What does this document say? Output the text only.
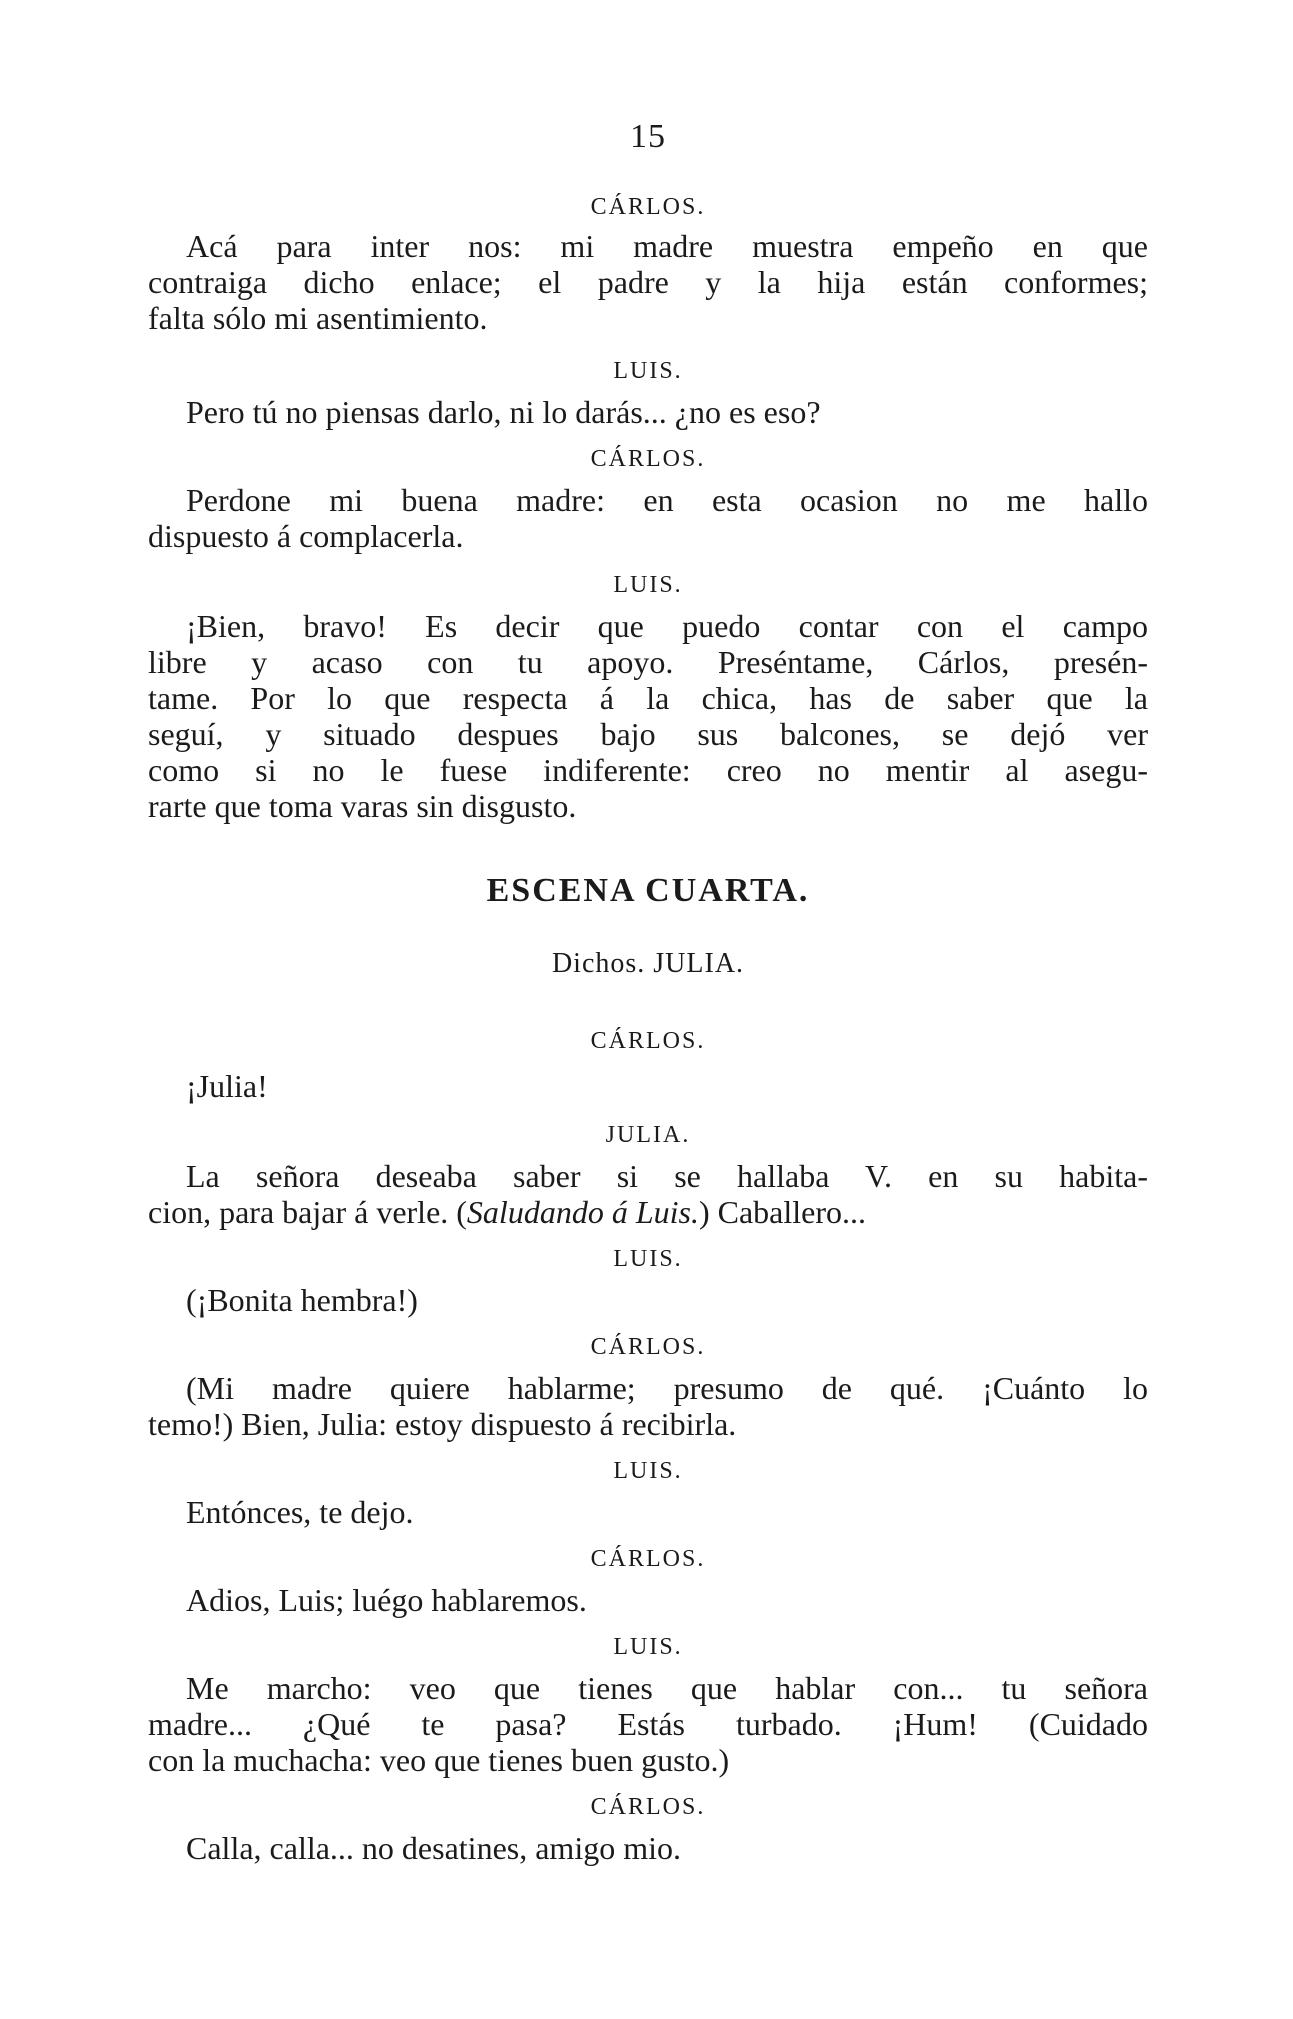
15
CÁRLOS.
Acá para inter nos: mi madre muestra empeño en que
contraiga dicho enlace; el padre y la hija están conformes;
falta sólo mi asentimiento.
LUIS.
Pero tú no piensas darlo, ni lo darás... ¿no es eso?
CÁRLOS.
Perdone mi buena madre: en esta ocasion no me hallo
dispuesto á complacerla.
LUIS.
¡Bien, bravo! Es decir que puedo contar con el campo
libre y acaso con tu apoyo. Preséntame, Cárlos, presén-
tame. Por lo que respecta á la chica, has de saber que la
seguí, y situado despues bajo sus balcones, se dejó ver
como si no le fuese indiferente: creo no mentir al asegu-
rarte que toma varas sin disgusto.
ESCENA CUARTA.
Dichos. JULIA.
CÁRLOS.
¡Julia!
JULIA.
La señora deseaba saber si se hallaba V. en su habita-
cion, para bajar á verle. (Saludando á Luis.) Caballero...
LUIS.
(¡Bonita hembra!)
CÁRLOS.
(Mi madre quiere hablarme; presumo de qué. ¡Cuánto lo
temo!) Bien, Julia: estoy dispuesto á recibirla.
LUIS.
Entónces, te dejo.
CÁRLOS.
Adios, Luis; luégo hablaremos.
LUIS.
Me marcho: veo que tienes que hablar con... tu señora
madre... ¿Qué te pasa? Estás turbado. ¡Hum! (Cuidado
con la muchacha: veo que tienes buen gusto.)
CÁRLOS.
Calla, calla... no desatines, amigo mio.
